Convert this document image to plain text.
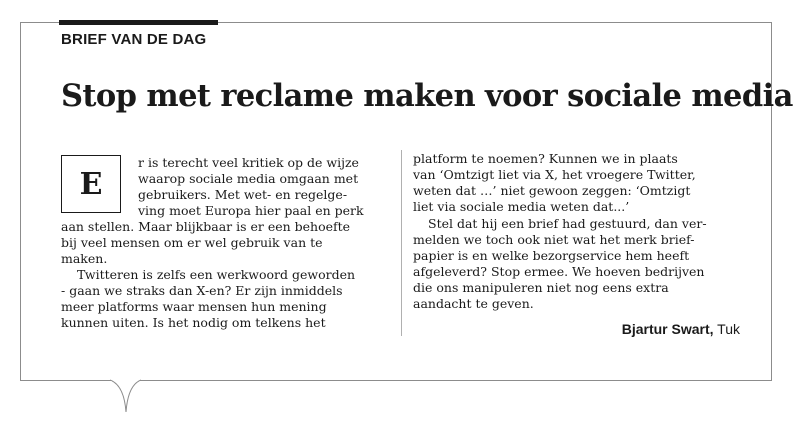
BRIEF VAN DE DAG
Stop met reclame maken voor sociale media
E
r is terecht veel kritiek op de wijze
waarop sociale media omgaan met
gebruikers. Met wet- en regelge-
ving moet Europa hier paal en perk
aan stellen. Maar blijkbaar is er een behoefte
bij veel mensen om er wel gebruik van te
maken.
Twitteren is zelfs een werkwoord geworden
- gaan we straks dan X-en? Er zijn inmiddels
meer platforms waar mensen hun mening
kunnen uiten. Is het nodig om telkens het
platform te noemen? Kunnen we in plaats
van ‘Omtzigt liet via X, het vroegere Twitter,
weten dat …’ niet gewoon zeggen: ‘Omtzigt
liet via sociale media weten dat...’
Stel dat hij een brief had gestuurd, dan ver-
melden we toch ook niet wat het merk brief-
papier is en welke bezorgservice hem heeft
afgeleverd? Stop ermee. We hoeven bedrijven
die ons manipuleren niet nog eens extra
aandacht te geven.
Bjartur Swart, Tuk
